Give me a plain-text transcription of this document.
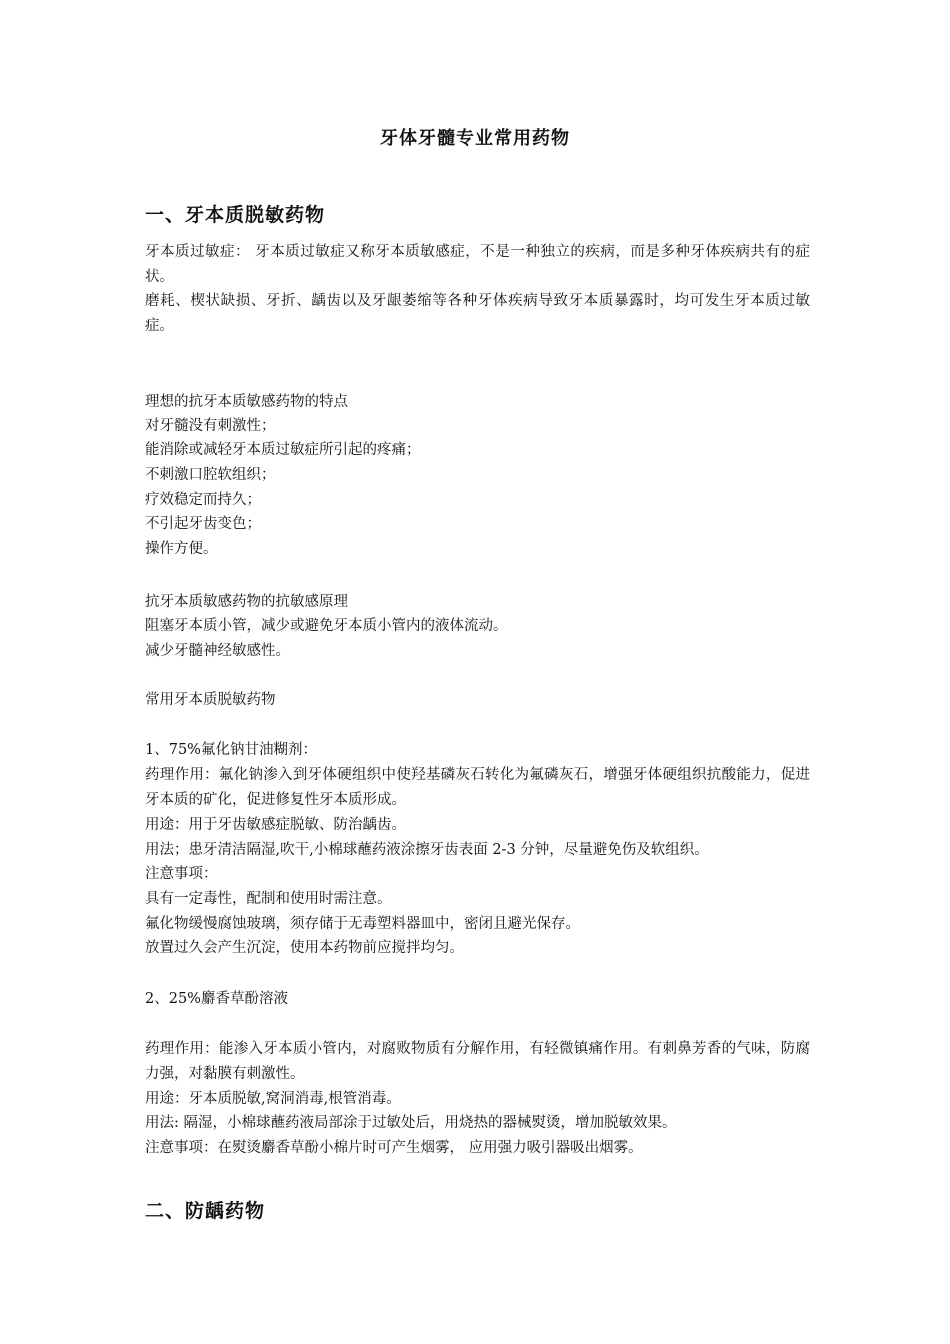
牙体牙髓专业常用药物
一、牙本质脱敏药物
牙本质过敏症： 牙本质过敏症又称牙本质敏感症，不是一种独立的疾病，而是多种牙体疾病共有的症状。
磨耗、楔状缺损、牙折、龋齿以及牙龈萎缩等各种牙体疾病导致牙本质暴露时，均可发生牙本质过敏症。
理想的抗牙本质敏感药物的特点
对牙髓没有刺激性；
能消除或减轻牙本质过敏症所引起的疼痛；
不刺激口腔软组织；
疗效稳定而持久；
不引起牙齿变色；
操作方便。
抗牙本质敏感药物的抗敏感原理
阻塞牙本质小管，减少或避免牙本质小管内的液体流动。
减少牙髓神经敏感性。
常用牙本质脱敏药物
1、75%氟化钠甘油糊剂：
药理作用：氟化钠渗入到牙体硬组织中使羟基磷灰石转化为氟磷灰石，增强牙体硬组织抗酸能力，促进牙本质的矿化，促进修复性牙本质形成。
用途：用于牙齿敏感症脱敏、防治龋齿。
用法；患牙清洁隔湿,吹干,小棉球蘸药液涂擦牙齿表面 2-3 分钟，尽量避免伤及软组织。
注意事项：
具有一定毒性，配制和使用时需注意。
氟化物缓慢腐蚀玻璃，须存储于无毒塑料器皿中，密闭且避光保存。
放置过久会产生沉淀，使用本药物前应搅拌均匀。
2、25%麝香草酚溶液
药理作用：能渗入牙本质小管内，对腐败物质有分解作用，有轻微镇痛作用。有刺鼻芳香的气味，防腐力强，对黏膜有刺激性。
用途：牙本质脱敏,窝洞消毒,根管消毒。
用法: 隔湿，小棉球蘸药液局部涂于过敏处后，用烧热的器械熨烫，增加脱敏效果。
注意事项：在熨烫麝香草酚小棉片时可产生烟雾， 应用强力吸引器吸出烟雾。
二、防龋药物
